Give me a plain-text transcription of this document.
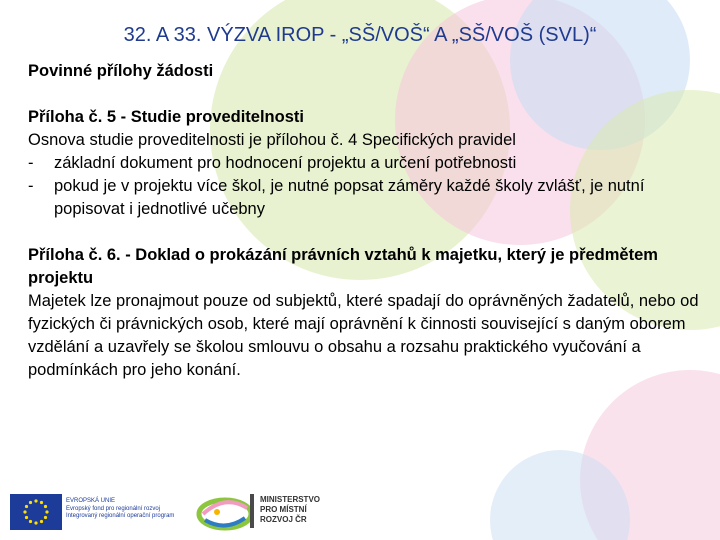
32. A 33. VÝZVA IROP - „SŠ/VOŠ“ A „SŠ/VOŠ (SVL)“

Povinné přílohy žádosti

Příloha č. 5 - Studie proveditelnosti

Osnova studie proveditelnosti je přílohou č. 4 Specifických pravidel

-	základní dokument pro hodnocení projektu a určení potřebnosti
-	pokud je v projektu více škol, je nutné popsat záměry každé školy zvlášť, je nutní popisovat i jednotlivé učebny

Příloha č. 6. - Doklad o prokázání právních vztahů k majetku, který je předmětem projektu

Majetek lze pronajmout pouze od subjektů, které spadají do oprávněných žadatelů, nebo od fyzických či právnických osob, které mají oprávnění k činnosti související s daným oborem vzdělání a uzavřely se školou smlouvu o obsahu a rozsahu praktického vyučování a podmínkách pro jeho konání.

EVROPSKÁ UNIE
Evropský fond pro regionální rozvoj
Integrovaný regionální operační program
MINISTERSTVO
PRO MÍSTNÍ
ROZVOJ ČR
